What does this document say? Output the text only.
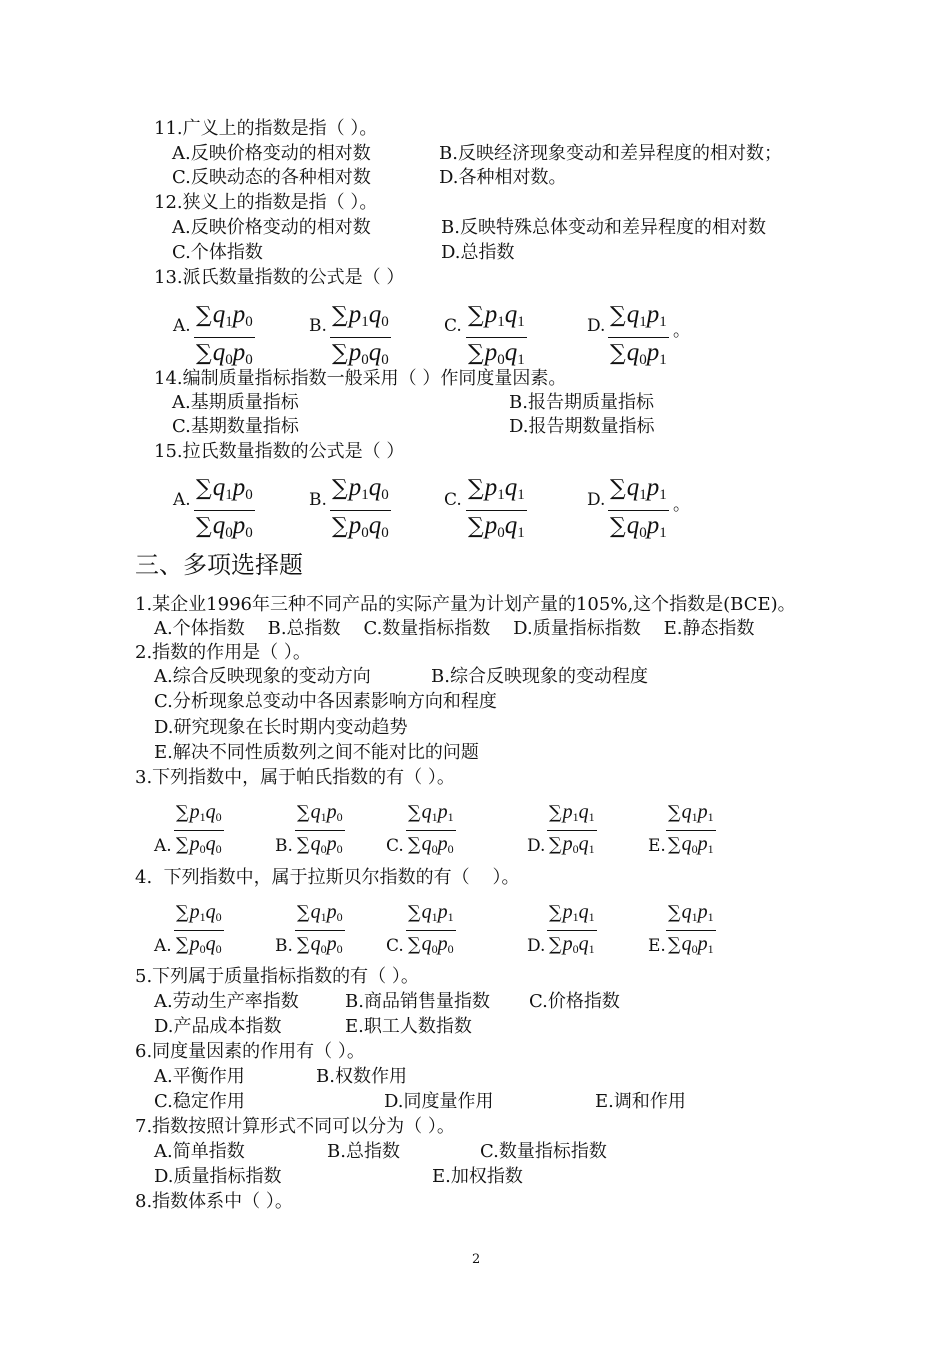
11.广义上的指数是指（ ）。
A.反映价格变动的相对数	B.反映经济现象变动和差异程度的相对数；
C.反映动态的各种相对数	D.各种相对数。
12.狭义上的指数是指（ ）。
A.反映价格变动的相对数	B.反映特殊总体变动和差异程度的相对数
C.个体指数	D.总指数
13.派氏数量指数的公式是（ ）
A. $\frac{\sum q_1p_0}{\sum q_0p_0}$	B. $\frac{\sum p_1q_0}{\sum p_0q_0}$	C. $\frac{\sum p_1q_1}{\sum p_0q_1}$	D. $\frac{\sum q_1p_1}{\sum q_0p_1}$ 。
14.编制质量指标指数一般采用（ ）作同度量因素。
A.基期质量指标	B.报告期质量指标
C.基期数量指标	D.报告期数量指标
15.拉氏数量指数的公式是（ ）
A. $\frac{\sum q_1p_0}{\sum q_0p_0}$	B. $\frac{\sum p_1q_0}{\sum p_0q_0}$	C. $\frac{\sum p_1q_1}{\sum p_0q_1}$	D. $\frac{\sum q_1p_1}{\sum q_0p_1}$ 。
三、多项选择题
1.某企业1996年三种不同产品的实际产量为计划产量的105%,这个指数是(BCE)。
A.个体指数    B.总指数    C.数量指标指数    D.质量指标指数    E.静态指数
2.指数的作用是（ ）。
A.综合反映现象的变动方向	B.综合反映现象的变动程度
C.分析现象总变动中各因素影响方向和程度
D.研究现象在长时期内变动趋势
E.解决不同性质数列之间不能对比的问题
3.下列指数中，属于帕氏指数的有（ ）。
A. $\frac{\sum p_1q_0}{\sum p_0q_0}$	B. $\frac{\sum q_1p_0}{\sum q_0p_0} C$. $\frac{\sum q_1p_1}{\sum q_0p_0}$	D. $\frac{\sum p_1q_1}{\sum p_0q_1}$	E. $\frac{\sum q_1p_1}{\sum q_0p_1}$
4.  下列指数中，属于拉斯贝尔指数的有（    ）。
A. $\frac{\sum p_1q_0}{\sum p_0q_0}$	B. $\frac{\sum q_1p_0}{\sum q_0p_0} C$. $\frac{\sum q_1p_1}{\sum q_0p_0}$	D. $\frac{\sum p_1q_1}{\sum p_0q_1}$	E. $\frac{\sum q_1p_1}{\sum q_0p_1}$
5.下列属于质量指标指数的有（ ）。
A.劳动生产率指数	B.商品销售量指数 C.价格指数
D.产品成本指数	E.职工人数指数
6.同度量因素的作用有（ ）。
A.平衡作用	B.权数作用
C.稳定作用	D.同度量作用	E.调和作用
7.指数按照计算形式不同可以分为（ ）。
A.简单指数	B.总指数	C.数量指标指数
D.质量指标指数	E.加权指数
8.指数体系中（ ）。
2
